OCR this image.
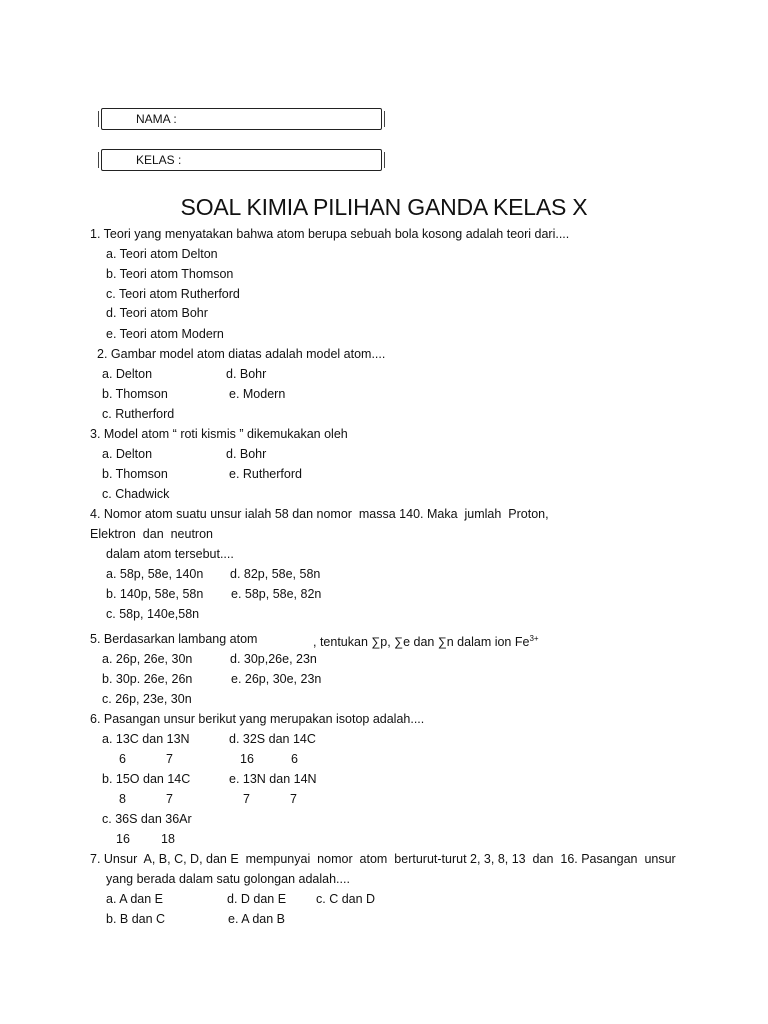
NAMA :
KELAS :
SOAL KIMIA PILIHAN GANDA KELAS X
1. Teori yang menyatakan bahwa atom berupa sebuah bola kosong adalah teori dari....
a. Teori atom Delton
b. Teori atom Thomson
c. Teori atom Rutherford
d. Teori atom Bohr
e. Teori atom Modern
2. Gambar model atom diatas adalah model atom....
a. Delton	d. Bohr
b. Thomson	e. Modern
c. Rutherford
3. Model atom “ roti kismis ” dikemukakan oleh
a. Delton	d. Bohr
b. Thomson	e. Rutherford
c. Chadwick
4. Nomor atom suatu unsur ialah 58 dan nomor  massa 140. Maka  jumlah  Proton,
Elektron  dan  neutron
dalam atom tersebut....
a. 58p, 58e, 140n d. 82p, 58e, 58n
b. 140p, 58e, 58n e. 58p, 58e, 82n
c. 58p, 140e,58n
5. Berdasarkan lambang atom	, tentukan ∑p, ∑e dan ∑n dalam ion $Fe^{3+}$
a. 26p, 26e, 30n	d. 30p,26e, 23n
b. 30p. 26e, 26n	e. 26p, 30e, 23n
c. 26p, 23e, 30n
6. Pasangan unsur berikut yang merupakan isotop adalah....
a. 13C dan 13N	d. 32S dan 14C
6	7	16	6
b. 15O dan 14C	e. 13N dan 14N
8	7	7	7
c. 36S dan 36Ar
16 18
7. Unsur  A, B, C, D, dan E  mempunyai  nomor  atom  berturut-turut 2, 3, 8, 13  dan  16. Pasangan  unsur
yang berada dalam satu golongan adalah....
a. A dan E	d. D dan E c. C dan D
b. B dan C	e. A dan B
